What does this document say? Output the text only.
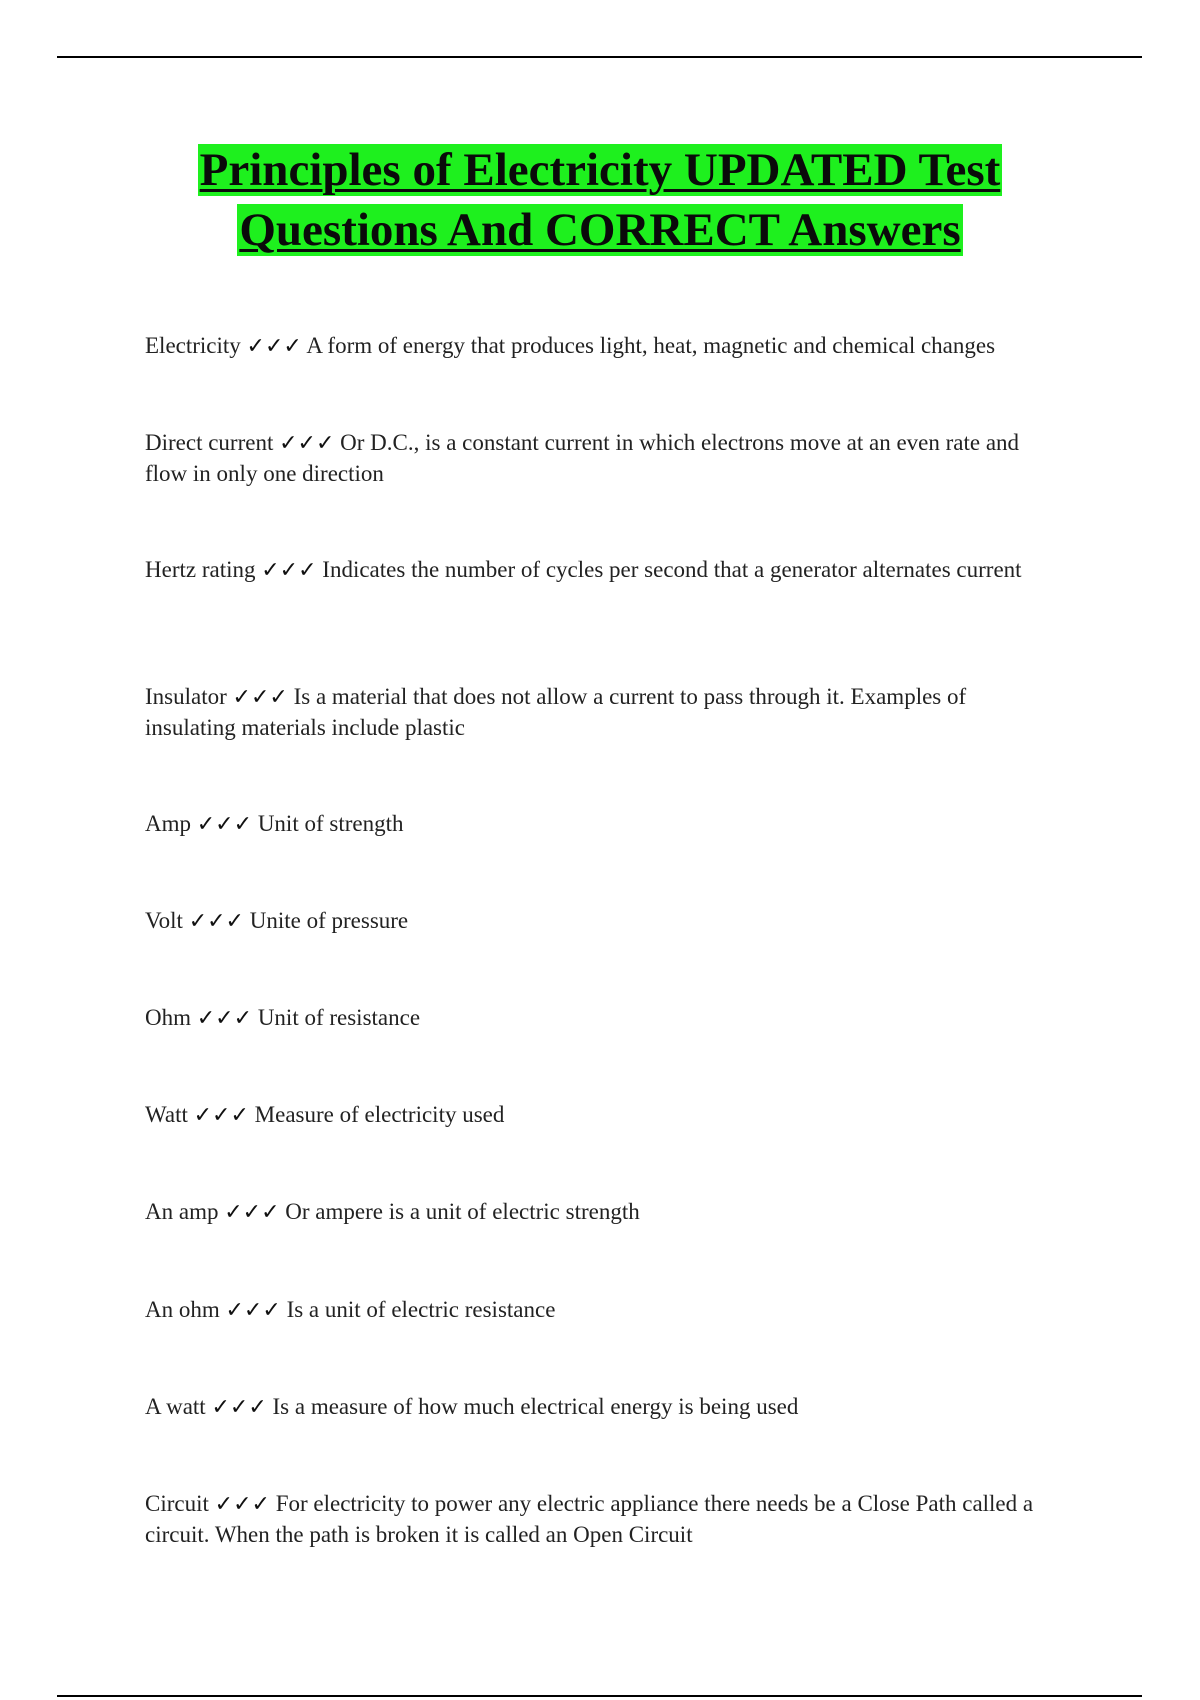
Principles of Electricity UPDATED Test
Questions And CORRECT Answers
Electricity ✓✓✓ A form of energy that produces light, heat, magnetic and chemical changes
Direct current ✓✓✓ Or D.C., is a constant current in which electrons move at an even rate and flow in only one direction
Hertz rating ✓✓✓ Indicates the number of cycles per second that a generator alternates current
Insulator ✓✓✓ Is a material that does not allow a current to pass through it. Examples of insulating materials include plastic
Amp ✓✓✓ Unit of strength
Volt ✓✓✓ Unite of pressure
Ohm ✓✓✓ Unit of resistance
Watt ✓✓✓ Measure of electricity used
An amp ✓✓✓ Or ampere is a unit of electric strength
An ohm ✓✓✓ Is a unit of electric resistance
A watt ✓✓✓ Is a measure of how much electrical energy is being used
Circuit ✓✓✓ For electricity to power any electric appliance there needs be a Close Path called a circuit. When the path is broken it is called an Open Circuit
